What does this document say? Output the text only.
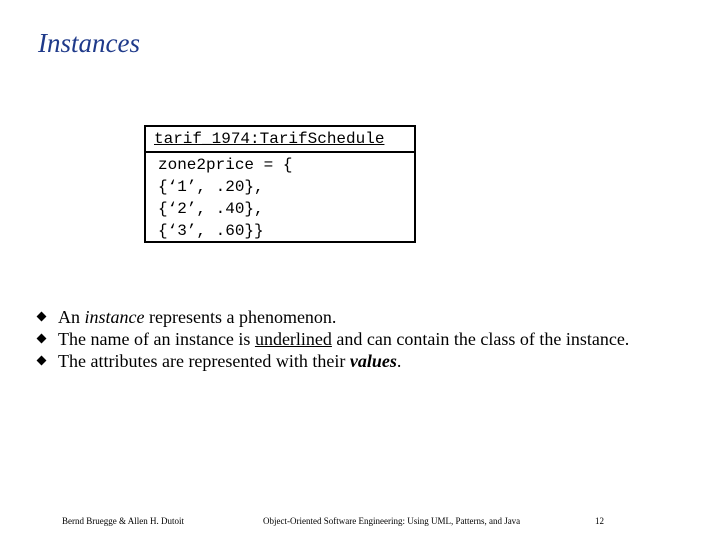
Instances
tarif_1974:TarifSchedule
zone2price = {
{‘1’, .20},
{‘2’, .40},
{‘3’, .60}}
An instance represents a phenomenon.
The name of an instance is underlined and can contain the class of the instance.
The attributes are represented with their values.
Bernd Bruegge & Allen H. Dutoit	Object-Oriented Software Engineering: Using UML, Patterns, and Java	12
